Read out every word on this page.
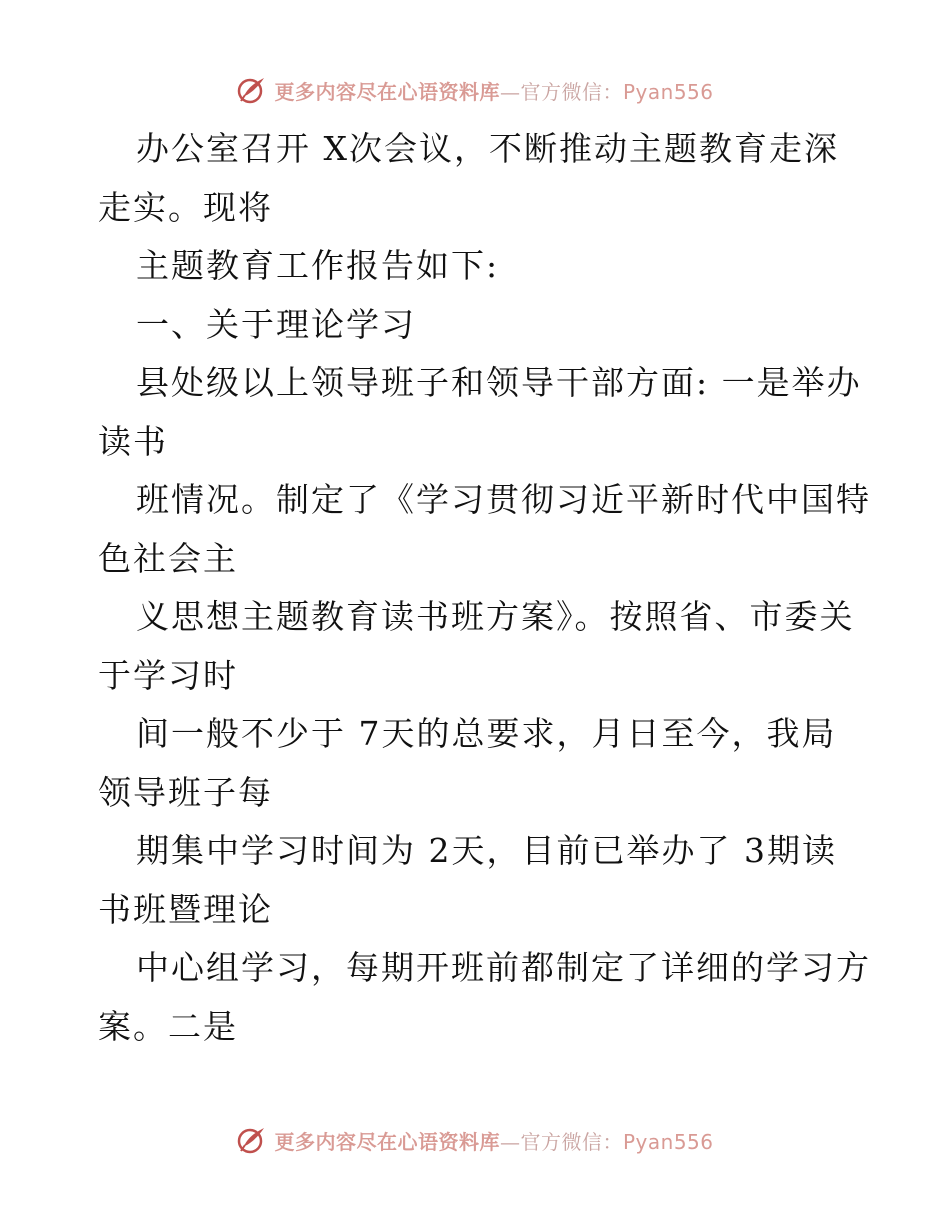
更多内容尽在心语资料库—官方微信：Pyan556
办公室召开 X次会议，不断推动主题教育走深
走实。现将
主题教育工作报告如下:
一、关于理论学习
县处级以上领导班子和领导干部方面: 一是举办
读书
班情况。制定了《学习贯彻习近平新时代中国特
色社会主
义思想主题教育读书班方案》。按照省、市委关
于学习时
间一般不少于 7天的总要求，月日至今，我局
领导班子每
期集中学习时间为 2天，目前已举办了 3期读
书班暨理论
中心组学习，每期开班前都制定了详细的学习方
案。二是
更多内容尽在心语资料库—官方微信：Pyan556
